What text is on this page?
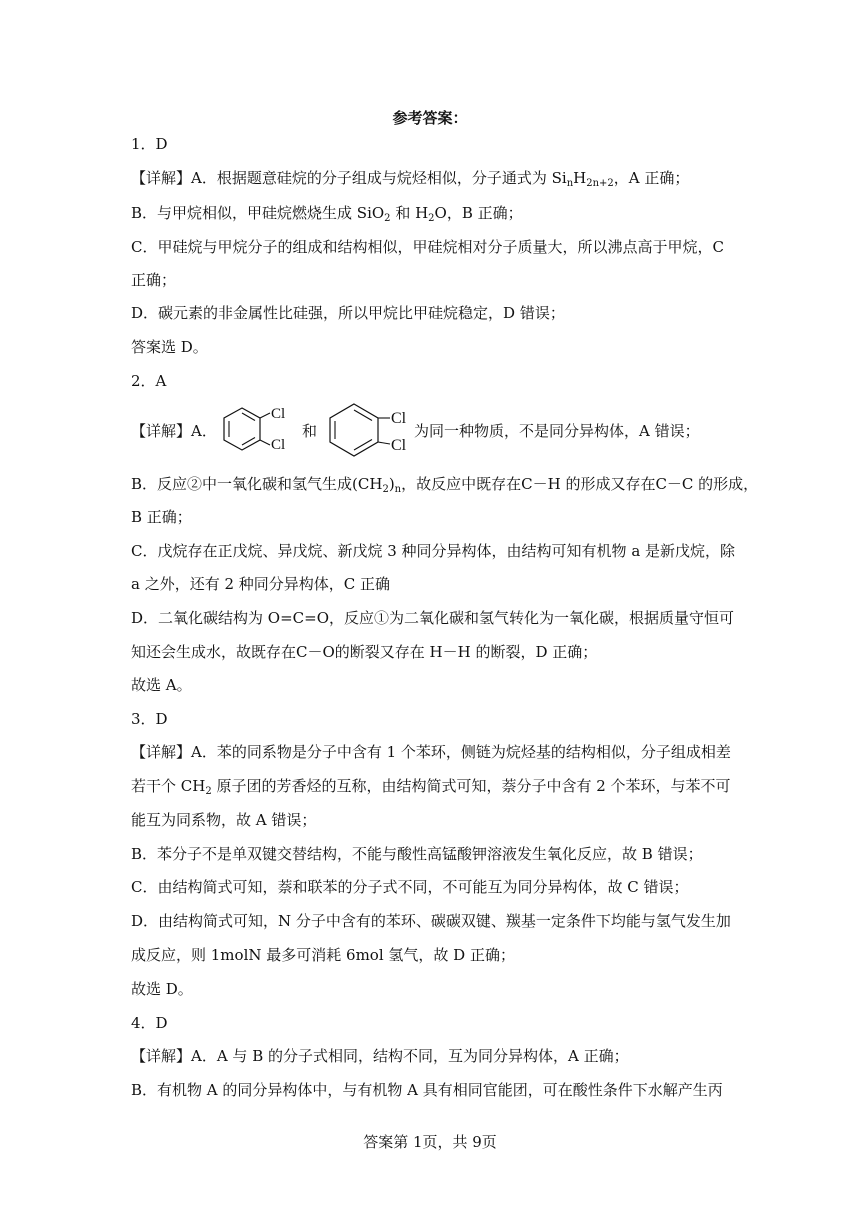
参考答案：
1．D
【详解】A．根据题意硅烷的分子组成与烷烃相似，分子通式为 $Si_nH_{2n+2}$，A 正确；
B．与甲烷相似，甲硅烷燃烧生成 SiO$_2$ 和 $H_2O$，B 正确；
C．甲硅烷与甲烷分子的组成和结构相似，甲硅烷相对分子质量大，所以沸点高于甲烷，C
正确；
D．碳元素的非金属性比硅强，所以甲烷比甲硅烷稳定，D 错误；
答案选 D。
2．A
【详解】A．
Cl
Cl
和
Cl
Cl
为同一种物质，不是同分异构体，A 错误；
B．反应②中一氧化碳和氢气生成$(CH_2)_n$，故反应中既存在C－H 的形成又存在C－C 的形成，
B 正确；
C．戊烷存在正戊烷、异戊烷、新戊烷 3 种同分异构体，由结构可知有机物 a 是新戊烷，除
a 之外，还有 2 种同分异构体，C 正确
D．二氧化碳结构为 O=C=O，反应①为二氧化碳和氢气转化为一氧化碳，根据质量守恒可
知还会生成水，故既存在C－O的断裂又存在 H－H 的断裂，D 正确；
故选 A。
3．D
【详解】A．苯的同系物是分子中含有 1 个苯环，侧链为烷烃基的结构相似，分子组成相差
若干个 $CH_2$ 原子团的芳香烃的互称，由结构简式可知，萘分子中含有 2 个苯环，与苯不可
能互为同系物，故 A 错误；
B．苯分子不是单双键交替结构，不能与酸性高锰酸钾溶液发生氧化反应，故 B 错误；
C．由结构简式可知，萘和联苯的分子式不同，不可能互为同分异构体，故 C 错误；
D．由结构简式可知，N 分子中含有的苯环、碳碳双键、羰基一定条件下均能与氢气发生加
成反应，则 1molN 最多可消耗 6mol 氢气，故 D 正确；
故选 D。
4．D
【详解】A．A 与 B 的分子式相同，结构不同，互为同分异构体，A 正确；
B．有机物 A 的同分异构体中，与有机物 A 具有相同官能团，可在酸性条件下水解产生丙
答案第 1页，共 9页
